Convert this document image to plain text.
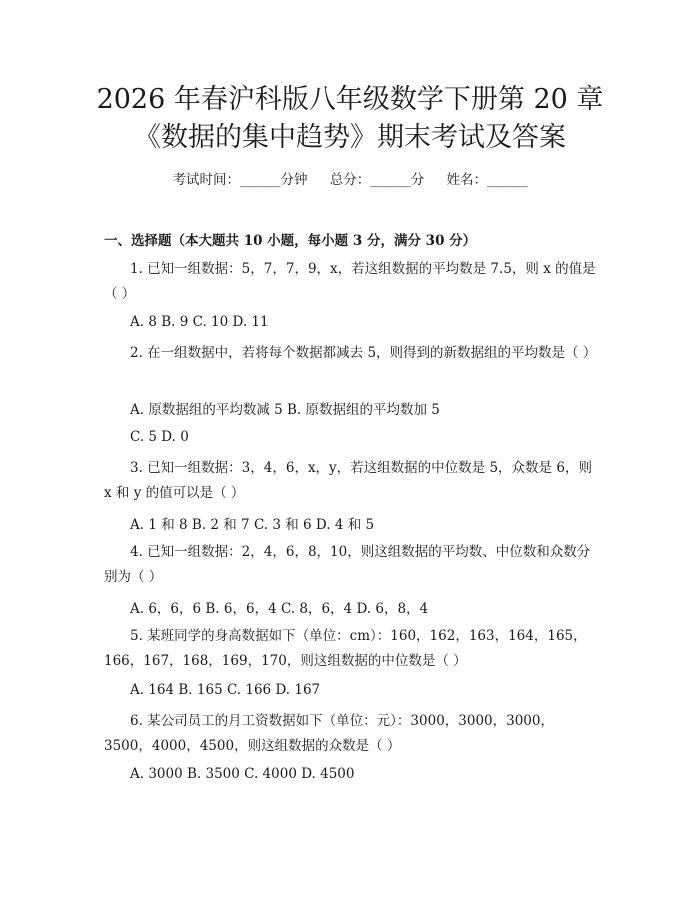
2026 年春沪科版八年级数学下册第 20 章
《数据的集中趋势》期末考试及答案
考试时间：______分钟 总分：______分 姓名：______
一、选择题（本大题共 10 小题，每小题 3 分，满分 30 分）
1. 已知一组数据：5，7，7，9，x，若这组数据的平均数是 7.5，则 x 的值是（ ）
A. 8 B. 9 C. 10 D. 11
2. 在一组数据中，若将每个数据都减去 5，则得到的新数据组的平均数是（ ）
A. 原数据组的平均数减 5 B. 原数据组的平均数加 5
C. 5 D. 0
3. 已知一组数据：3，4，6，x，y，若这组数据的中位数是 5，众数是 6，则 x 和 y 的值可以是（ ）
A. 1 和 8 B. 2 和 7 C. 3 和 6 D. 4 和 5
4. 已知一组数据：2，4，6，8，10，则这组数据的平均数、中位数和众数分别为（ ）
A. 6，6，6 B. 6，6，4 C. 8，6，4 D. 6，8，4
5. 某班同学的身高数据如下（单位：cm）：160，162，163，164，165，166，167，168，169，170，则这组数据的中位数是（ ）
A. 164 B. 165 C. 166 D. 167
6. 某公司员工的月工资数据如下（单位：元）：3000，3000，3000，3500，4000，4500，则这组数据的众数是（ ）
A. 3000 B. 3500 C. 4000 D. 4500
